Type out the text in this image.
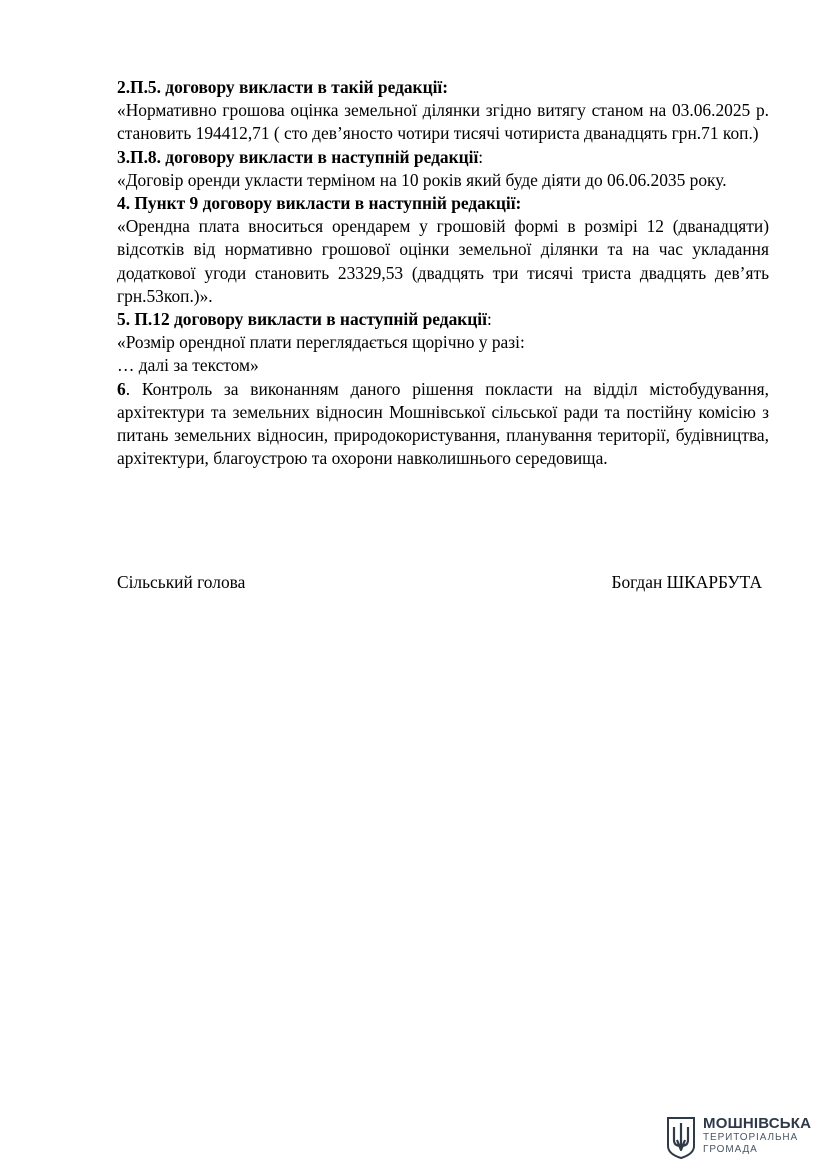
2.П.5. договору викласти в такій редакції:

«Нормативно грошова оцінка земельної ділянки згідно витягу станом на 03.06.2025 р. становить 194412,71 ( сто дев’яносто чотири тисячі чотириста дванадцять грн.71 коп.)

3.П.8. договору викласти в наступній редакції:

«Договір оренди укласти терміном на 10 років який буде діяти до 06.06.2035 року.

4. Пункт 9 договору викласти в наступній редакції:

«Орендна плата вноситься орендарем у грошовій формі в розмірі 12 (дванадцяти) відсотків від нормативно грошової оцінки земельної ділянки та на час укладання додаткової угоди становить 23329,53 (двадцять три тисячі триста двадцять дев’ять грн.53коп.)».

5. П.12 договору викласти в наступній редакції:

«Розмір орендної плати переглядається щорічно у разі:

… далі за текстом»

6. Контроль за виконанням даного рішення покласти на відділ містобудування, архітектури та земельних відносин Мошнівської сільської ради та постійну комісію з питань земельних відносин, природокористування, планування території, будівництва, архітектури, благоустрою та охорони навколишнього середовища.

Сільський голова	Богдан ШКАРБУТА
МОШНІВСЬКА
ТЕРИТОРІАЛЬНА
ГРОМАДА
